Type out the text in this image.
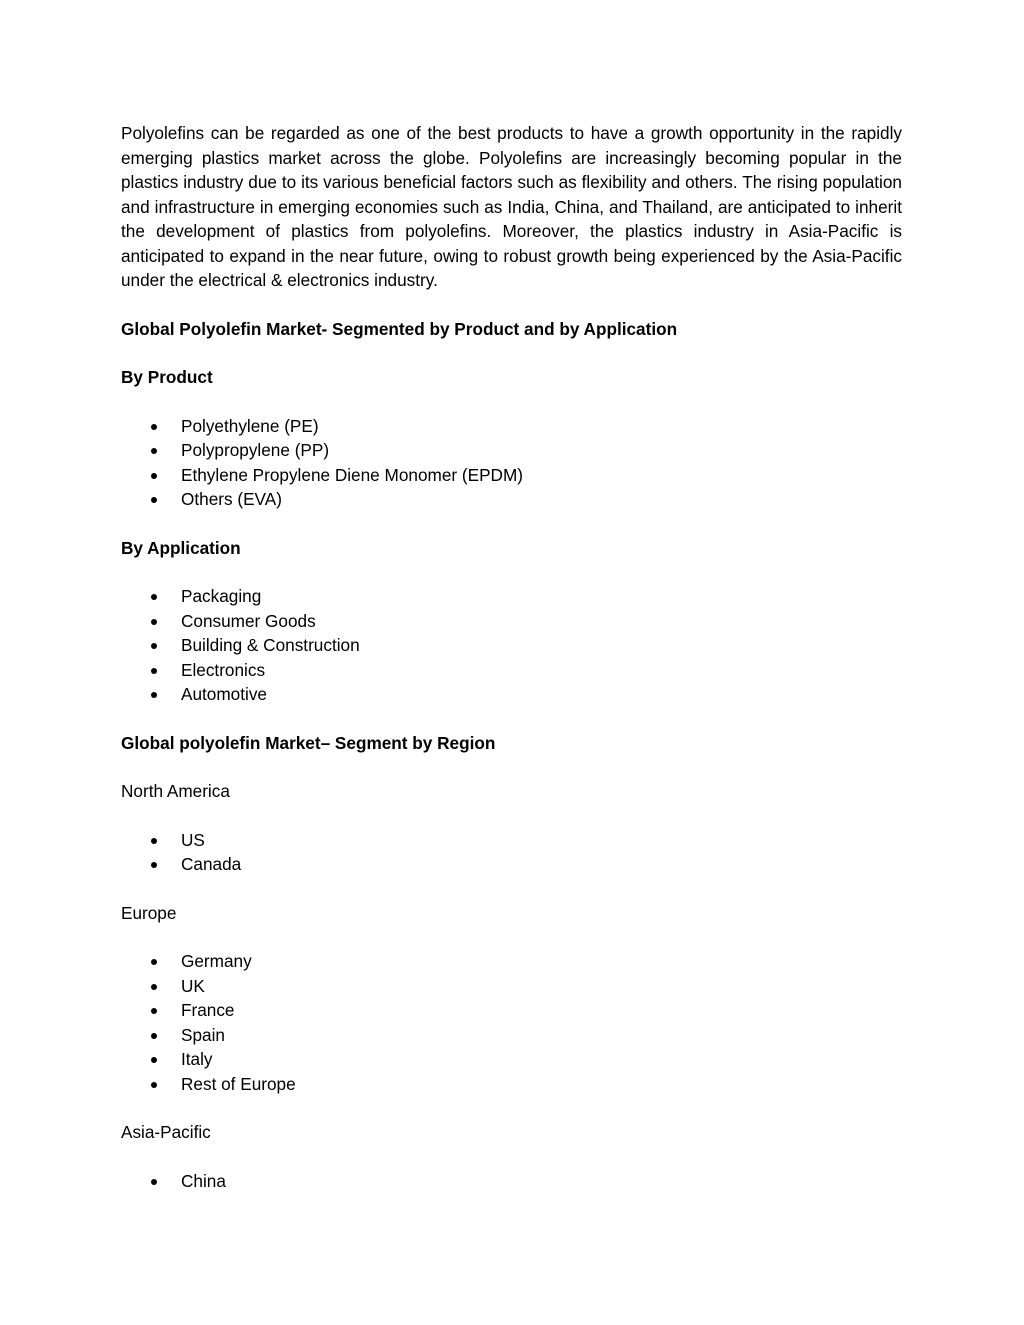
Polyolefins can be regarded as one of the best products to have a growth opportunity in the rapidly emerging plastics market across the globe. Polyolefins are increasingly becoming popular in the plastics industry due to its various beneficial factors such as flexibility and others. The rising population and infrastructure in emerging economies such as India, China, and Thailand, are anticipated to inherit the development of plastics from polyolefins. Moreover, the plastics industry in Asia-Pacific is anticipated to expand in the near future, owing to robust growth being experienced by the Asia-Pacific under the electrical & electronics industry.

Global Polyolefin Market- Segmented by Product and by Application

By Product

Polyethylene (PE)
Polypropylene (PP)
Ethylene Propylene Diene Monomer (EPDM)
Others (EVA)

By Application

Packaging
Consumer Goods
Building & Construction
Electronics
Automotive

Global polyolefin Market– Segment by Region

North America

US
Canada

Europe

Germany
UK
France
Spain
Italy
Rest of Europe

Asia-Pacific

China
